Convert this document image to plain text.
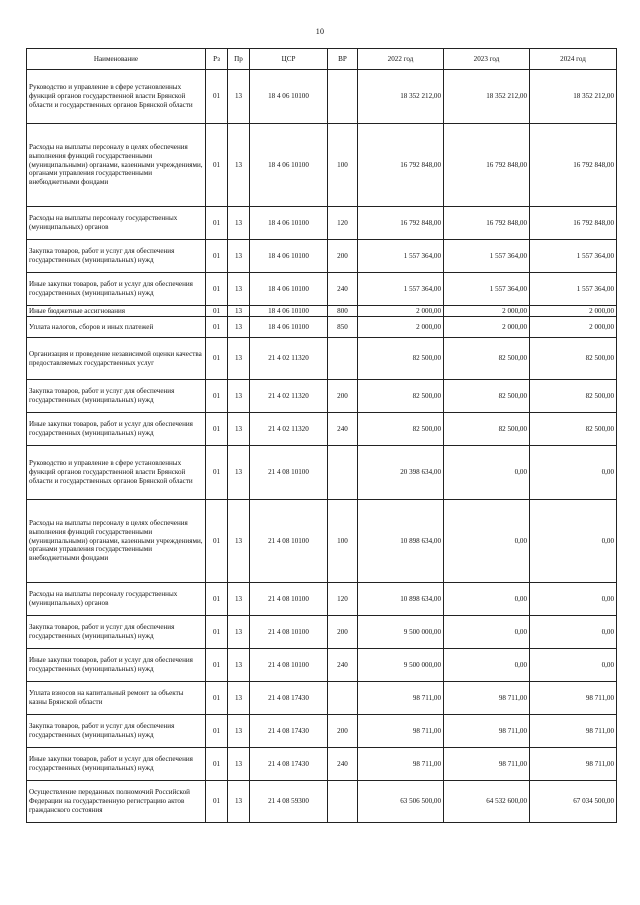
10
Наименование	Рз	Пр	ЦСР	ВР	2022 год	2023 год	2024 год
Руководство и управление в сфере установленных функций органов государственной власти Брянской области и государственных органов Брянской области	01	13	18 4 06 10100		18 352 212,00	18 352 212,00	18 352 212,00
Расходы на выплаты персоналу в целях обеспечения выполнения функций государственными (муниципальными) органами, казенными учреждениями, органами управления государственными внебюджетными фондами	01	13	18 4 06 10100	100	16 792 848,00	16 792 848,00	16 792 848,00
Расходы на выплаты персоналу государственных (муниципальных) органов	01	13	18 4 06 10100	120	16 792 848,00	16 792 848,00	16 792 848,00
Закупка товаров, работ и услуг для обеспечения государственных (муниципальных) нужд	01	13	18 4 06 10100	200	1 557 364,00	1 557 364,00	1 557 364,00
Иные закупки товаров, работ и услуг для обеспечения государственных (муниципальных) нужд	01	13	18 4 06 10100	240	1 557 364,00	1 557 364,00	1 557 364,00
Иные бюджетные ассигнования	01	13	18 4 06 10100	800	2 000,00	2 000,00	2 000,00
Уплата налогов, сборов и иных платежей	01	13	18 4 06 10100	850	2 000,00	2 000,00	2 000,00
Организация и проведение независимой оценки качества предоставляемых государственных услуг	01	13	21 4 02 11320		82 500,00	82 500,00	82 500,00
Закупка товаров, работ и услуг для обеспечения государственных (муниципальных) нужд	01	13	21 4 02 11320	200	82 500,00	82 500,00	82 500,00
Иные закупки товаров, работ и услуг для обеспечения государственных (муниципальных) нужд	01	13	21 4 02 11320	240	82 500,00	82 500,00	82 500,00
Руководство и управление в сфере установленных функций органов государственной власти Брянской области и государственных органов Брянской области	01	13	21 4 08 10100		20 398 634,00	0,00	0,00
Расходы на выплаты персоналу в целях обеспечения выполнения функций государственными (муниципальными) органами, казенными учреждениями, органами управления государственными внебюджетными фондами	01	13	21 4 08 10100	100	10 898 634,00	0,00	0,00
Расходы на выплаты персоналу государственных (муниципальных) органов	01	13	21 4 08 10100	120	10 898 634,00	0,00	0,00
Закупка товаров, работ и услуг для обеспечения государственных (муниципальных) нужд	01	13	21 4 08 10100	200	9 500 000,00	0,00	0,00
Иные закупки товаров, работ и услуг для обеспечения государственных (муниципальных) нужд	01	13	21 4 08 10100	240	9 500 000,00	0,00	0,00
Уплата взносов на капитальный ремонт за объекты казны Брянской области	01	13	21 4 08 17430		98 711,00	98 711,00	98 711,00
Закупка товаров, работ и услуг для обеспечения государственных (муниципальных) нужд	01	13	21 4 08 17430	200	98 711,00	98 711,00	98 711,00
Иные закупки товаров, работ и услуг для обеспечения государственных (муниципальных) нужд	01	13	21 4 08 17430	240	98 711,00	98 711,00	98 711,00
Осуществление переданных полномочий Российской Федерации на государственную регистрацию актов гражданского состояния	01	13	21 4 08 59300		63 506 500,00	64 532 600,00	67 034 500,00
